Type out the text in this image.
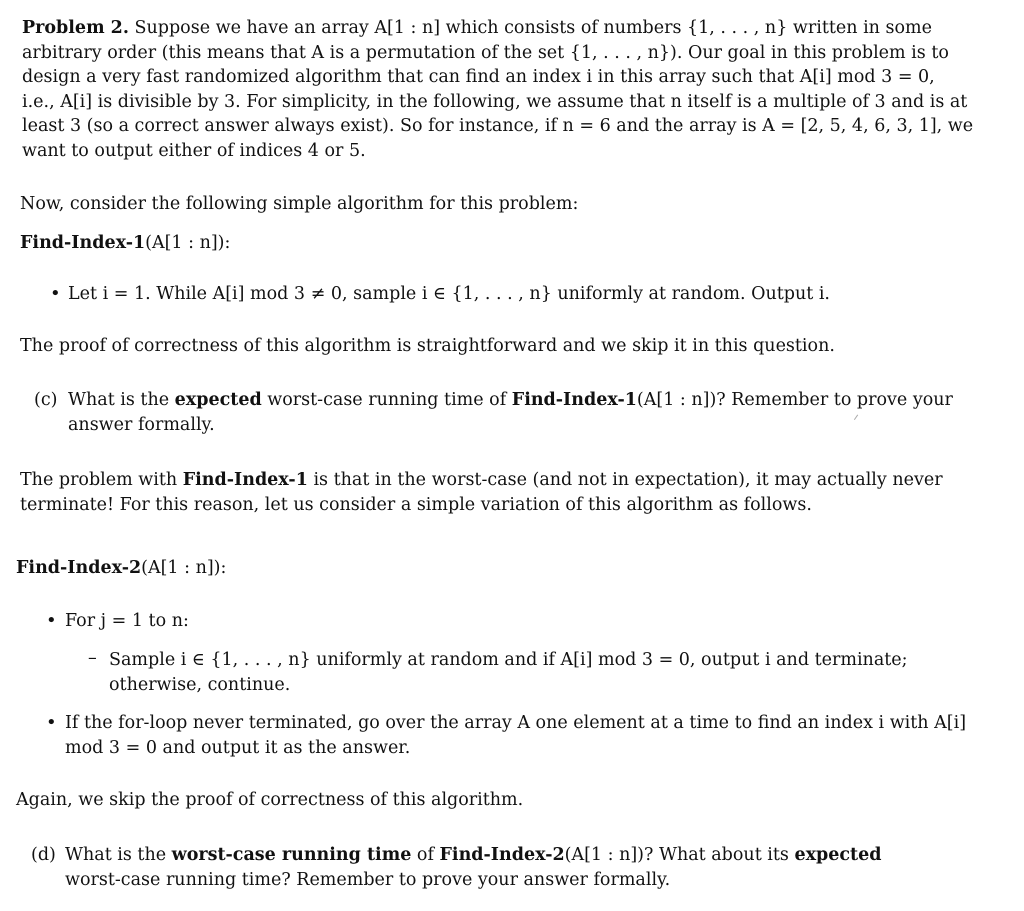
Problem 2. Suppose we have an array A[1 : n] which consists of numbers {1, . . . , n} written in some
arbitrary order (this means that A is a permutation of the set {1, . . . , n}). Our goal in this problem is to
design a very fast randomized algorithm that can find an index i in this array such that A[i] mod 3 = 0,
i.e., A[i] is divisible by 3. For simplicity, in the following, we assume that n itself is a multiple of 3 and is at
least 3 (so a correct answer always exist). So for instance, if n = 6 and the array is A = [2, 5, 4, 6, 3, 1], we
want to output either of indices 4 or 5.
Now, consider the following simple algorithm for this problem:
Find-Index-1(A[1 : n]):
• Let i = 1. While A[i] mod 3 ≠ 0, sample i ∈ {1, . . . , n} uniformly at random. Output i.
The proof of correctness of this algorithm is straightforward and we skip it in this question.
(c) What is the expected worst-case running time of Find-Index-1(A[1 : n])? Remember to prove your
answer formally.
The problem with Find-Index-1 is that in the worst-case (and not in expectation), it may actually never
terminate! For this reason, let us consider a simple variation of this algorithm as follows.
Find-Index-2(A[1 : n]):
• For j = 1 to n:
– Sample i ∈ {1, . . . , n} uniformly at random and if A[i] mod 3 = 0, output i and terminate;
otherwise, continue.
• If the for-loop never terminated, go over the array A one element at a time to find an index i with A[i]
mod 3 = 0 and output it as the answer.
Again, we skip the proof of correctness of this algorithm.
(d) What is the worst-case running time of Find-Index-2(A[1 : n])? What about its expected
worst-case running time? Remember to prove your answer formally.
